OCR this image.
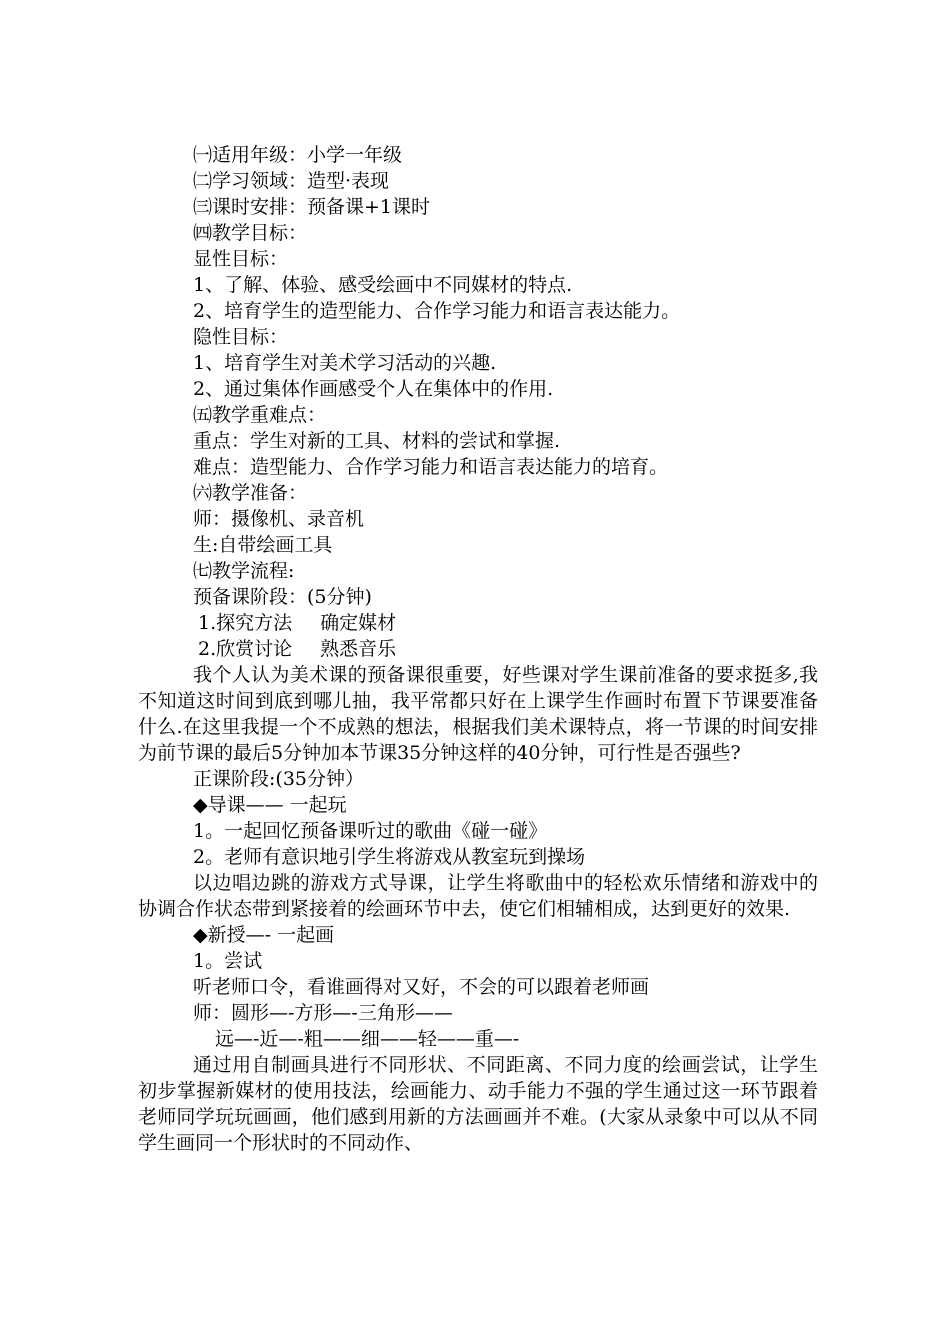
㈠适用年级：小学一年级
㈡学习领域：造型·表现
㈢课时安排：预备课+1课时
㈣教学目标：
显性目标：
1、了解、体验、感受绘画中不同媒材的特点.
2、培育学生的造型能力、合作学习能力和语言表达能力。
隐性目标：
1、培育学生对美术学习活动的兴趣.
2、通过集体作画感受个人在集体中的作用.
㈤教学重难点：
重点：学生对新的工具、材料的尝试和掌握.
难点：造型能力、合作学习能力和语言表达能力的培育。
㈥教学准备：
师：摄像机、录音机
生:自带绘画工具
㈦教学流程:
预备课阶段：(5分钟)
1.探究方法 确定媒材
2.欣赏讨论 熟悉音乐
我个人认为美术课的预备课很重要，好些课对学生课前准备的要求挺多,我不知道这时间到底到哪儿抽，我平常都只好在上课学生作画时布置下节课要准备什么.在这里我提一个不成熟的想法，根据我们美术课特点，将一节课的时间安排为前节课的最后5分钟加本节课35分钟这样的40分钟，可行性是否强些?
正课阶段:(35分钟）
◆导课—— 一起玩
1。一起回忆预备课听过的歌曲《碰一碰》
2。老师有意识地引学生将游戏从教室玩到操场
以边唱边跳的游戏方式导课，让学生将歌曲中的轻松欢乐情绪和游戏中的协调合作状态带到紧接着的绘画环节中去，使它们相辅相成，达到更好的效果.
◆新授—- 一起画
1。尝试
听老师口令，看谁画得对又好，不会的可以跟着老师画
师：圆形—-方形—-三角形——
远—-近—-粗——细——轻——重—-
通过用自制画具进行不同形状、不同距离、不同力度的绘画尝试，让学生初步掌握新媒材的使用技法，绘画能力、动手能力不强的学生通过这一环节跟着老师同学玩玩画画，他们感到用新的方法画画并不难。(大家从录象中可以从不同学生画同一个形状时的不同动作、
